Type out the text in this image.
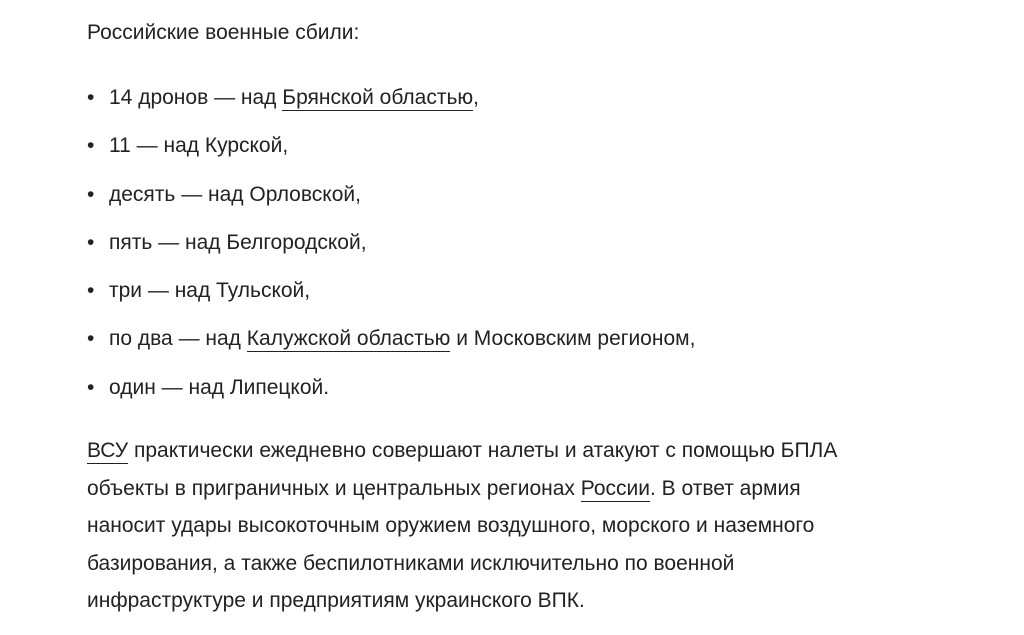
Российские военные сбили:

• 14 дронов — над Брянской областью,
• 11 — над Курской,
• десять — над Орловской,
• пять — над Белгородской,
• три — над Тульской,
• по два — над Калужской областью и Московским регионом,
• один — над Липецкой.

ВСУ практически ежедневно совершают налеты и атакуют с помощью БПЛА
объекты в приграничных и центральных регионах России. В ответ армия
наносит удары высокоточным оружием воздушного, морского и наземного
базирования, а также беспилотниками исключительно по военной
инфраструктуре и предприятиям украинского ВПК.
